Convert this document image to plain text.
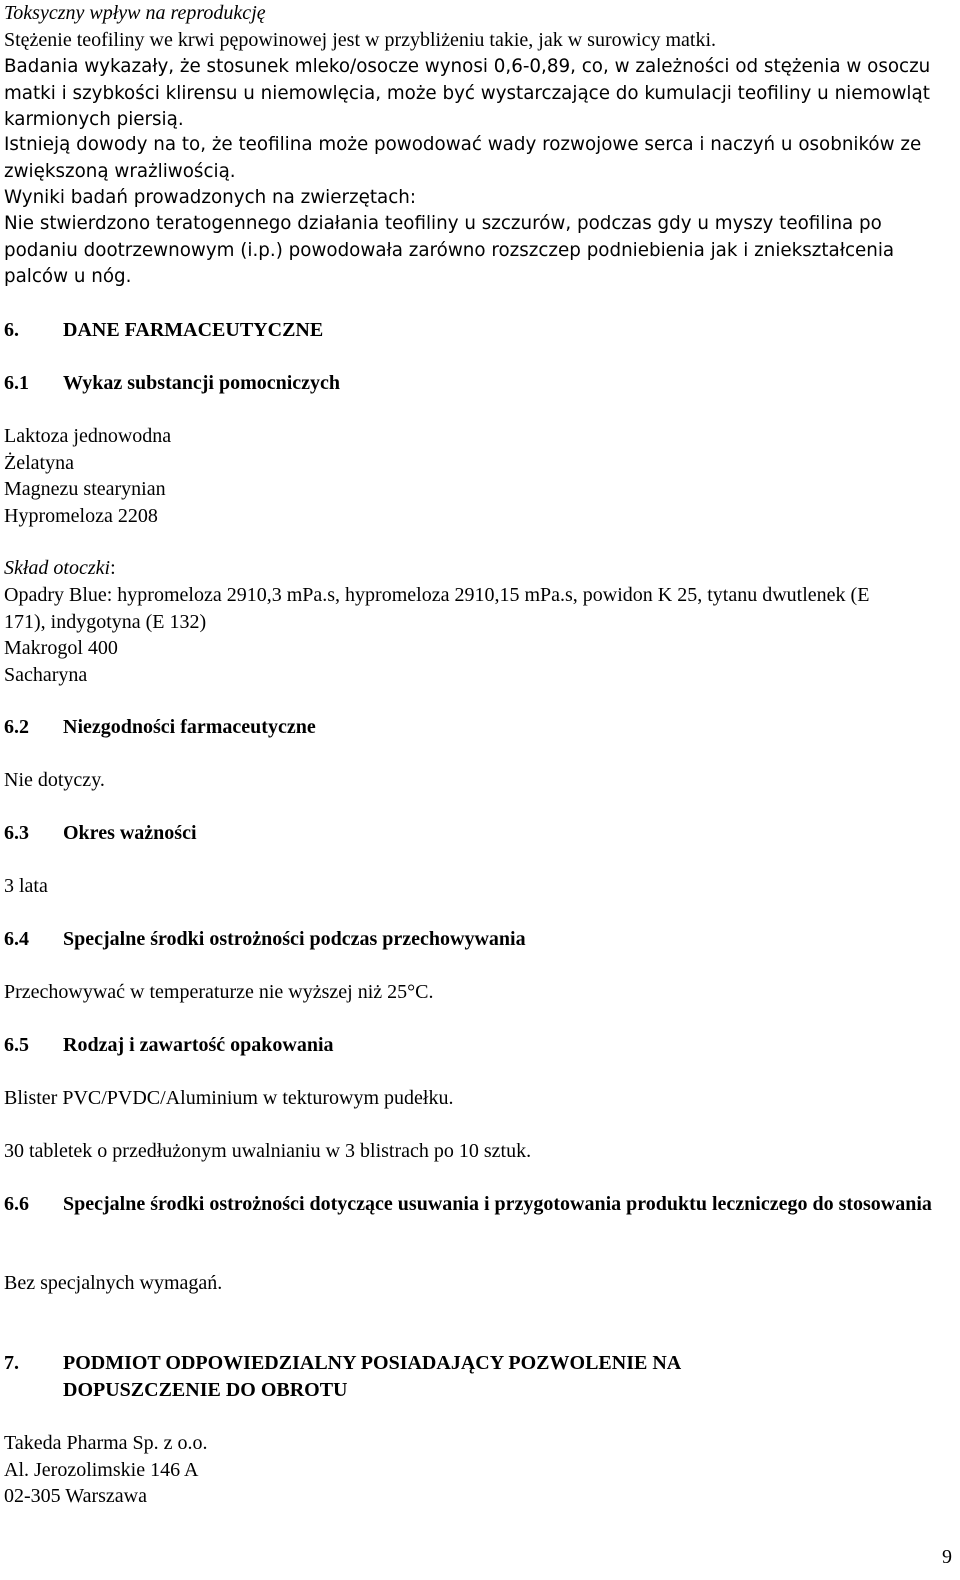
Toksyczny wpływ na reprodukcję

Stężenie teofiliny we krwi pępowinowej jest w przybliżeniu takie, jak w surowicy matki.

Badania wykazały, że stosunek mleko/osocze wynosi 0,6-0,89, co, w zależności od stężenia w osoczu matki i szybkości klirensu u niemowlęcia, może być wystarczające do kumulacji teofiliny u niemowląt karmionych piersią.

Istnieją dowody na to, że teofilina może powodować wady rozwojowe serca i naczyń u osobników ze zwiększoną wrażliwością.

Wyniki badań prowadzonych na zwierzętach:

Nie stwierdzono teratogennego działania teofiliny u szczurów, podczas gdy u myszy teofilina po podaniu dootrzewnowym (i.p.) powodowała zarówno rozszczep podniebienia jak i zniekształcenia palców u nóg.

6.	DANE FARMACEUTYCZNE
6.1	Wykaz substancji pomocniczych

Laktoza jednowodna

Żelatyna

Magnezu stearynian

Hypromeloza 2208

Skład otoczki:

Opadry Blue: hypromeloza 2910,3 mPa.s, hypromeloza 2910,15 mPa.s, powidon K 25, tytanu dwutlenek (E 171), indygotyna (E 132)

Makrogol 400

Sacharyna

6.2	Niezgodności farmaceutyczne

Nie dotyczy.

6.3	Okres ważności

3 lata

6.4	Specjalne środki ostrożności podczas przechowywania

Przechowywać w temperaturze nie wyższej niż 25°C.

6.5	Rodzaj i zawartość opakowania

Blister PVC/PVDC/Aluminium w tekturowym pudełku.

30 tabletek o przedłużonym uwalnianiu w 3 blistrach po 10 sztuk.

6.6	Specjalne środki ostrożności dotyczące usuwania i przygotowania produktu leczniczego do stosowania

Bez specjalnych wymagań.

7.	PODMIOT ODPOWIEDZIALNY POSIADAJĄCY POZWOLENIE NA DOPUSZCZENIE DO OBROTU

Takeda Pharma Sp. z o.o.

Al. Jerozolimskie 146 A

02-305 Warszawa

9
